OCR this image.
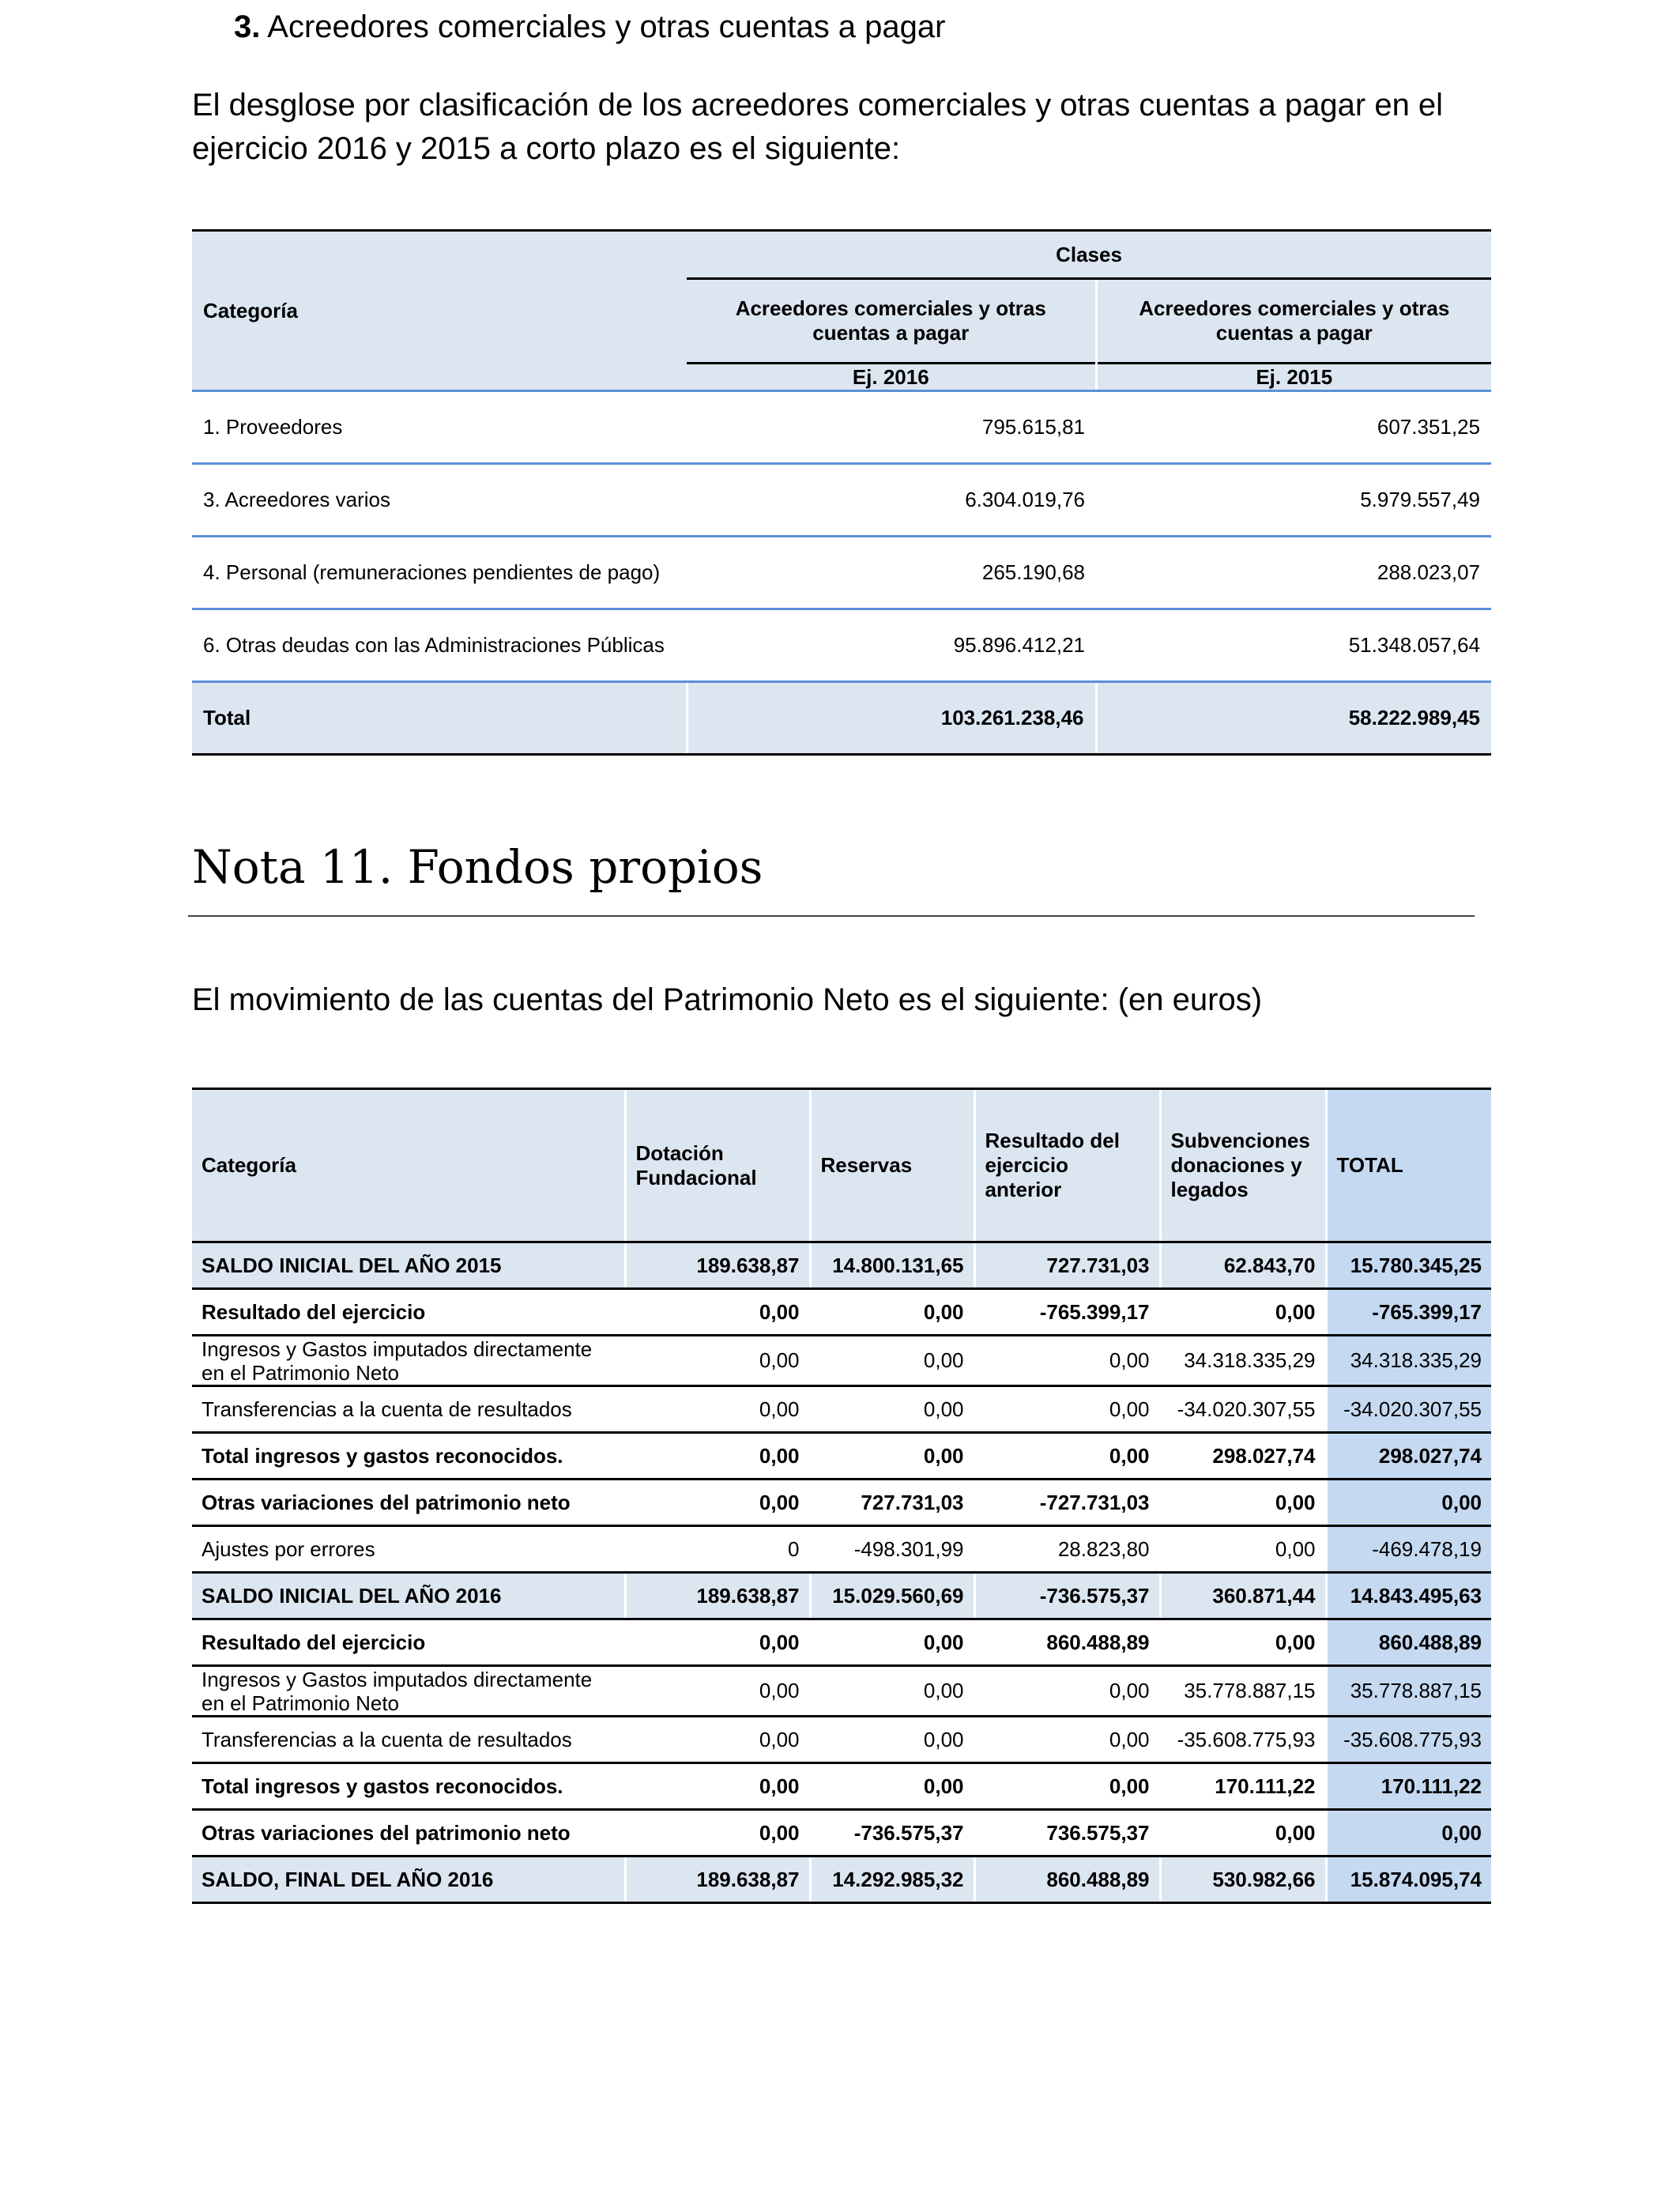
3. Acreedores comerciales y otras cuentas a pagar
El desglose por clasificación de los acreedores comerciales y otras cuentas a pagar en el ejercicio 2016 y 2015 a corto plazo es el siguiente:
Categoría	Clases	
	Acreedores comerciales y otras cuentas a pagar	Acreedores comerciales y otras cuentas a pagar
	Ej. 2016	Ej. 2015
1. Proveedores	795.615,81	607.351,25
3. Acreedores varios	6.304.019,76	5.979.557,49
4. Personal (remuneraciones pendientes de pago)	265.190,68	288.023,07
6. Otras deudas con las Administraciones Públicas	95.896.412,21	51.348.057,64
Total	103.261.238,46	58.222.989,45
Nota 11. Fondos propios
El movimiento de las cuentas del Patrimonio Neto es el siguiente: (en euros)
Categoría	Dotación Fundacional	Reservas	Resultado del ejercicio anterior	Subvenciones donaciones y legados	TOTAL
SALDO INICIAL DEL AÑO 2015	189.638,87	14.800.131,65	727.731,03	62.843,70	15.780.345,25
Resultado del ejercicio	0,00	0,00	-765.399,17	0,00	-765.399,17
Ingresos y Gastos imputados directamente en el Patrimonio Neto	0,00	0,00	0,00	34.318.335,29	34.318.335,29
Transferencias a la cuenta de resultados	0,00	0,00	0,00	-34.020.307,55	-34.020.307,55
Total ingresos y gastos reconocidos.	0,00	0,00	0,00	298.027,74	298.027,74
Otras variaciones del patrimonio neto	0,00	727.731,03	-727.731,03	0,00	0,00
Ajustes por errores	0	-498.301,99	28.823,80	0,00	-469.478,19
SALDO INICIAL DEL AÑO 2016	189.638,87	15.029.560,69	-736.575,37	360.871,44	14.843.495,63
Resultado del ejercicio	0,00	0,00	860.488,89	0,00	860.488,89
Ingresos y Gastos imputados directamente en el Patrimonio Neto	0,00	0,00	0,00	35.778.887,15	35.778.887,15
Transferencias a la cuenta de resultados	0,00	0,00	0,00	-35.608.775,93	-35.608.775,93
Total ingresos y gastos reconocidos.	0,00	0,00	0,00	170.111,22	170.111,22
Otras variaciones del patrimonio neto	0,00	-736.575,37	736.575,37	0,00	0,00
SALDO, FINAL DEL AÑO 2016	189.638,87	14.292.985,32	860.488,89	530.982,66	15.874.095,74
